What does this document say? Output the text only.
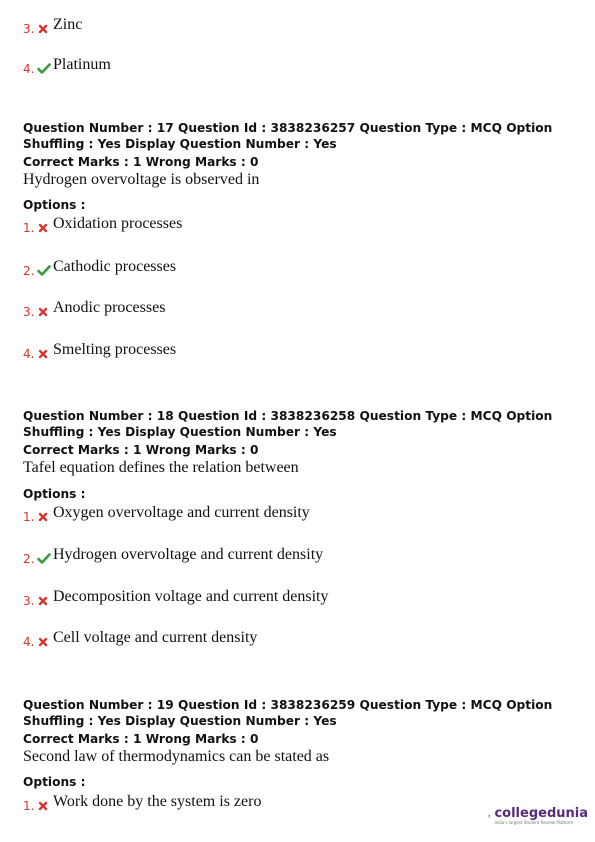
3. Zinc
4. Platinum
Question Number : 17 Question Id : 3838236257 Question Type : MCQ Option Shuffling : Yes Display Question Number : Yes
Correct Marks : 1 Wrong Marks : 0
Hydrogen overvoltage is observed in
Options :
1. Oxidation processes
2. Cathodic processes
3. Anodic processes
4. Smelting processes
Question Number : 18 Question Id : 3838236258 Question Type : MCQ Option Shuffling : Yes Display Question Number : Yes
Correct Marks : 1 Wrong Marks : 0
Tafel equation defines the relation between
Options :
1. Oxygen overvoltage and current density
2. Hydrogen overvoltage and current density
3. Decomposition voltage and current density
4. Cell voltage and current density
Question Number : 19 Question Id : 3838236259 Question Type : MCQ Option Shuffling : Yes Display Question Number : Yes
Correct Marks : 1 Wrong Marks : 0
Second law of thermodynamics can be stated as
Options :
1. Work done by the system is zero
collegedunia
India's largest Student Review Platform
